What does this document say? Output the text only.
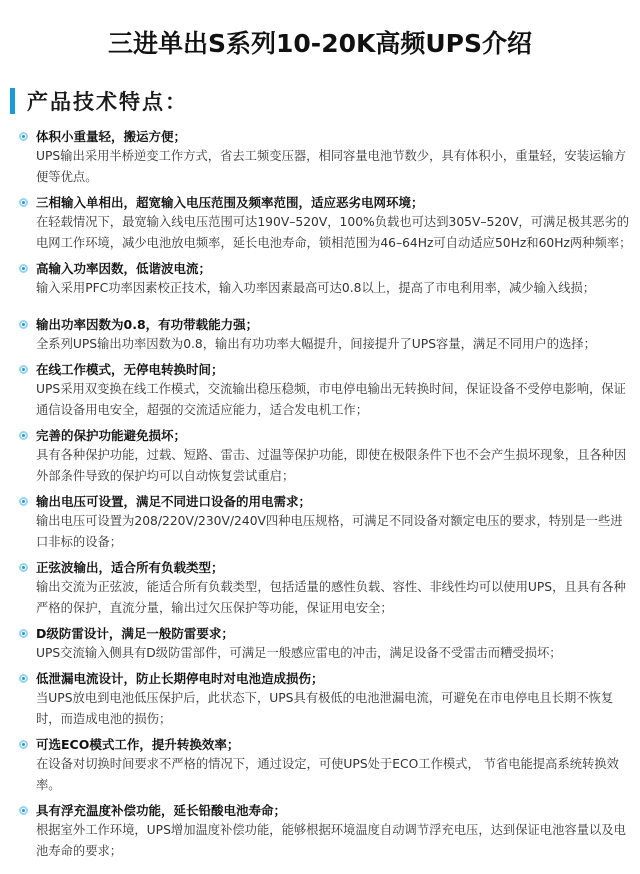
三进单出S系列10-20K高频UPS介绍
产品技术特点：
体积小重量轻，搬运方便；
UPS输出采用半桥逆变工作方式，省去工频变压器，相同容量电池节数少，具有体积小，重量轻，安装运输方便等优点。
三相输入单相出，超宽输入电压范围及频率范围，适应恶劣电网环境；
在轻载情况下，最宽输入线电压范围可达190V–520V，100%负载也可达到305V–520V，可满足极其恶劣的电网工作环境，减少电池放电频率，延长电池寿命，锁相范围为46–64Hz可自动适应50Hz和60Hz两种频率；
高输入功率因数，低谐波电流；
输入采用PFC功率因素校正技术，输入功率因素最高可达0.8以上，提高了市电利用率，减少输入线损；
输出功率因数为0.8，有功带载能力强；
全系列UPS输出功率因数为0.8，输出有功功率大幅提升，间接提升了UPS容量，满足不同用户的选择；
在线工作模式，无停电转换时间；
UPS采用双变换在线工作模式，交流输出稳压稳频，市电停电输出无转换时间，保证设备不受停电影响，保证通信设备用电安全，超强的交流适应能力，适合发电机工作；
完善的保护功能避免损坏；
具有各种保护功能，过载、短路、雷击、过温等保护功能，即使在极限条件下也不会产生损坏现象，且各种因外部条件导致的保护均可以自动恢复尝试重启；
输出电压可设置，满足不同进口设备的用电需求；
输出电压可设置为208/220V/230V/240V四种电压规格，可满足不同设备对额定电压的要求，特别是一些进口非标的设备；
正弦波输出，适合所有负载类型；
输出交流为正弦波，能适合所有负载类型，包括适量的感性负载、容性、非线性均可以使用UPS，且具有各种严格的保护，直流分量，输出过欠压保护等功能，保证用电安全；
D级防雷设计，满足一般防雷要求；
UPS交流输入侧具有D级防雷部件，可满足一般感应雷电的冲击，满足设备不受雷击而糟受损坏；
低泄漏电流设计，防止长期停电时对电池造成损伤；
当UPS放电到电池低压保护后，此状态下，UPS具有极低的电池泄漏电流，可避免在市电停电且长期不恢复时，而造成电池的损伤；
可选ECO模式工作，提升转换效率；
在设备对切换时间要求不严格的情况下，通过设定，可使UPS处于ECO工作模式， 节省电能提高系统转换效率。
具有浮充温度补偿功能，延长铅酸电池寿命；
根据室外工作环境，UPS增加温度补偿功能，能够根据环境温度自动调节浮充电压，达到保证电池容量以及电池寿命的要求；
